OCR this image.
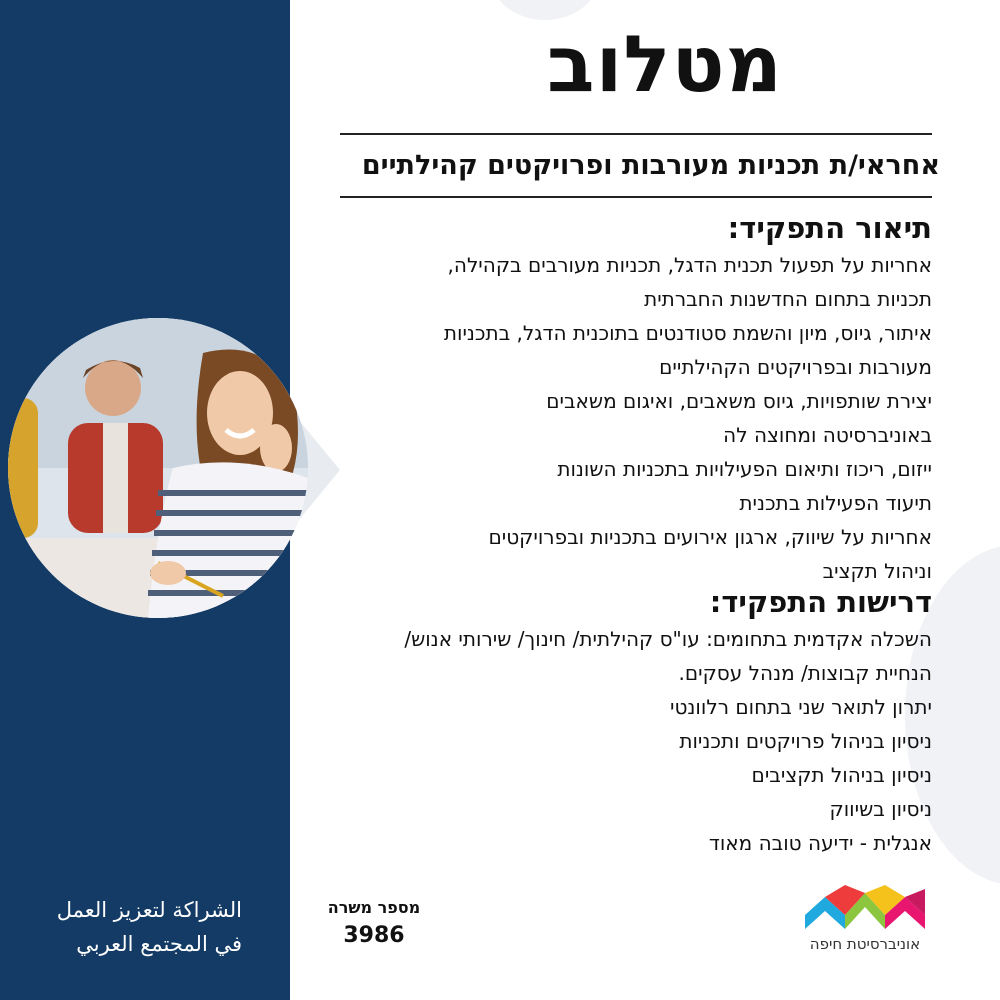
מטלוב
אחראי/ת תכניות מעורבות ופרויקטים קהילתיים
תיאור התפקיד:
אחריות על תפעול תכנית הדגל, תכניות מעורבים בקהילה,
תכניות בתחום החדשנות החברתית
איתור, גיוס, מיון והשמת סטודנטים בתוכנית הדגל, בתכניות
מעורבות ובפרויקטים הקהילתיים
יצירת שותפויות, גיוס משאבים, ואיגום משאבים
באוניברסיטה ומחוצה לה
ייזום, ריכוז ותיאום הפעילויות בתכניות השונות
תיעוד הפעילות בתכנית
אחריות על שיווק, ארגון אירועים בתכניות ובפרויקטים
וניהול תקציב
דרישות התפקיד:
השכלה אקדמית בתחומים: עו"ס קהילתית/ חינוך/ שירותי אנוש/
הנחיית קבוצות/ מנהל עסקים.
יתרון לתואר שני בתחום רלוונטי
ניסיון בניהול פרויקטים ותכניות
ניסיון בניהול תקציבים
ניסיון בשיווק
אנגלית - ידיעה טובה מאוד
מספר משרה
3986
الشراكة لتعزيز العمل
في المجتمع العربي	אוניברסיטת חיפה
